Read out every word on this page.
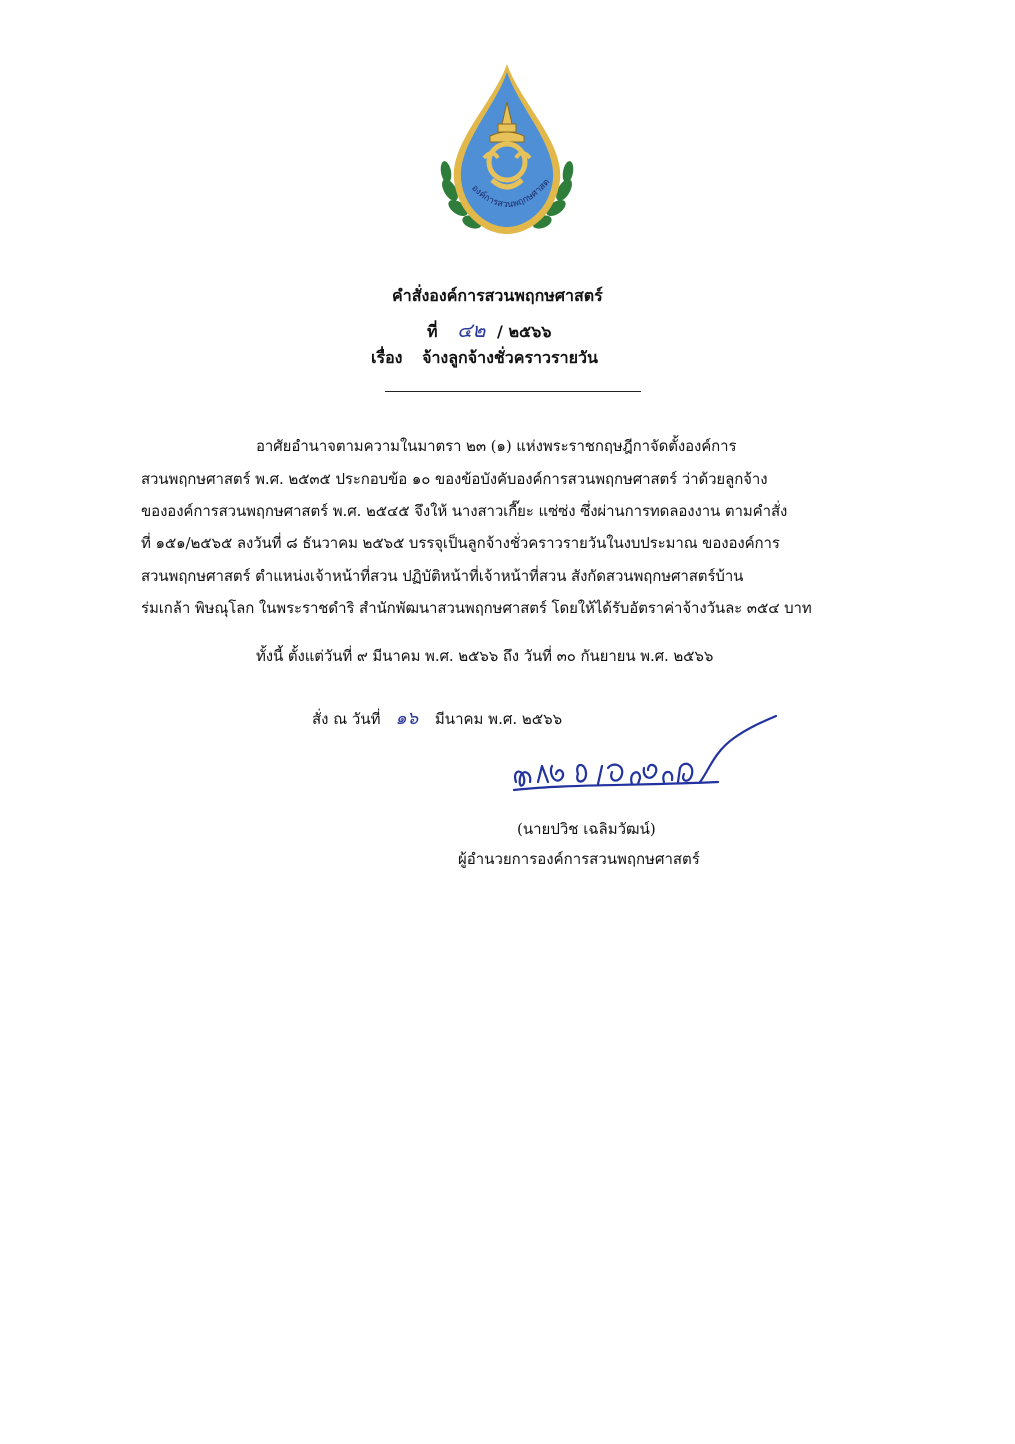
องค์การสวนพฤกษศาสต
คำสั่งองค์การสวนพฤกษศาสตร์
ที่ ๔๒ / ๒๕๖๖
เรื่อง จ้างลูกจ้างชั่วคราวรายวัน
อาศัยอำนาจตามความในมาตรา ๒๓ (๑) แห่งพระราชกฤษฎีกาจัดตั้งองค์การ
สวนพฤกษศาสตร์ พ.ศ. ๒๕๓๕ ประกอบข้อ ๑๐ ของข้อบังคับองค์การสวนพฤกษศาสตร์ ว่าด้วยลูกจ้าง
ขององค์การสวนพฤกษศาสตร์ พ.ศ. ๒๕๔๕ จึงให้ นางสาวเกี๊ยะ แซ่ซ่ง ซึ่งผ่านการทดลองงาน ตามคำสั่ง
ที่ ๑๕๑/๒๕๖๕ ลงวันที่ ๘ ธันวาคม ๒๕๖๕ บรรจุเป็นลูกจ้างชั่วคราวรายวันในงบประมาณ ขององค์การ
สวนพฤกษศาสตร์ ตำแหน่งเจ้าหน้าที่สวน ปฏิบัติหน้าที่เจ้าหน้าที่สวน สังกัดสวนพฤกษศาสตร์บ้าน
ร่มเกล้า พิษณุโลก ในพระราชดำริ สำนักพัฒนาสวนพฤกษศาสตร์ โดยให้ได้รับอัตราค่าจ้างวันละ ๓๕๔ บาท
ทั้งนี้ ตั้งแต่วันที่ ๙ มีนาคม พ.ศ. ๒๕๖๖ ถึง วันที่ ๓๐ กันยายน พ.ศ. ๒๕๖๖
สั่ง ณ วันที่ ๑๖ มีนาคม พ.ศ. ๒๕๖๖
(นายปวิช เฉลิมวัฒน์)
ผู้อำนวยการองค์การสวนพฤกษศาสตร์
